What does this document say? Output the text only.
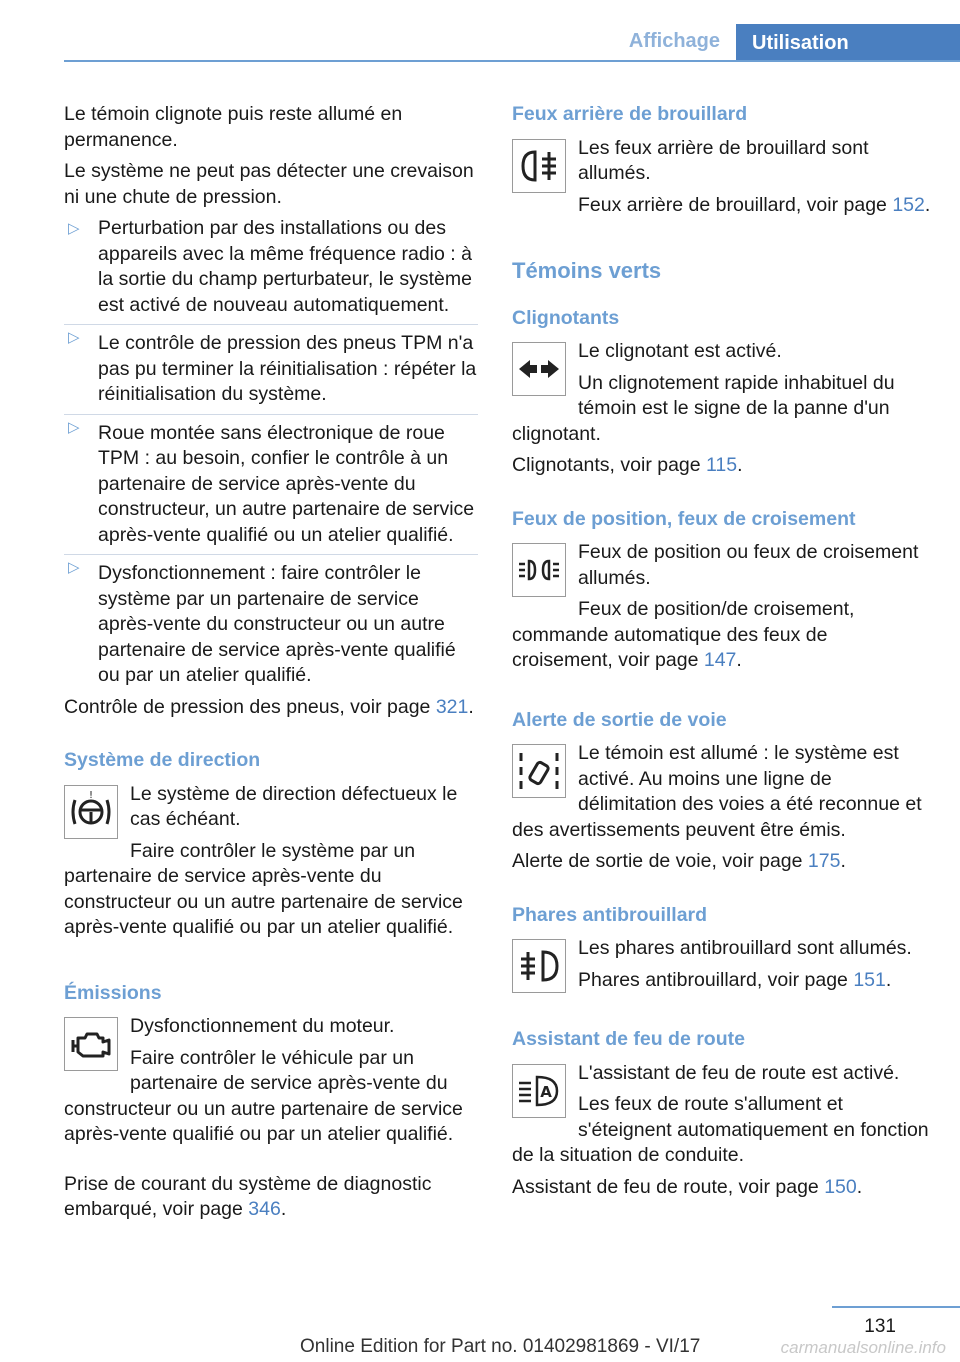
Affichage	Utilisation

Le témoin clignote puis reste allumé en permanence.

Le système ne peut pas détecter une crevaison ni une chute de pression.

▷ Perturbation par des installations ou des appareils avec la même fréquence radio : à la sortie du champ perturbateur, le système est activé de nouveau automatiquement.
▷ Le contrôle de pression des pneus TPM n'a pas pu terminer la réinitialisation : répéter la réinitialisation du système.
▷ Roue montée sans électronique de roue TPM : au besoin, confier le contrôle à un partenaire de service après-vente du constructeur, un autre partenaire de service après-vente qualifié ou un atelier qualifié.
▷ Dysfonctionnement : faire contrôler le système par un partenaire de service après-vente du constructeur ou un autre partenaire de service après-vente qualifié ou par un atelier qualifié.

Contrôle de pression des pneus, voir page 321.

Système de direction
!	Le système de direction défectueux le cas échéant.

Faire contrôler le système par un partenaire de service après-vente du constructeur ou un autre partenaire de service après-vente qualifié ou par un atelier qualifié.

Émissions

Dysfonctionnement du moteur.

Faire contrôler le véhicule par un partenaire de service après-vente du constructeur ou un autre partenaire de service après-vente qualifié ou par un atelier qualifié.

Prise de courant du système de diagnostic embarqué, voir page 346.

Feux arrière de brouillard

Les feux arrière de brouillard sont allumés.

Feux arrière de brouillard, voir page 152.

Témoins verts
Clignotants

Le clignotant est activé.

Un clignotement rapide inhabituel du témoin est le signe de la panne d'un clignotant.

Clignotants, voir page 115.

Feux de position, feux de croisement

Feux de position ou feux de croisement allumés.

Feux de position/de croisement, commande automatique des feux de croisement, voir page 147.

Alerte de sortie de voie

Le témoin est allumé : le système est activé. Au moins une ligne de délimitation des voies a été reconnue et des avertissements peuvent être émis.

Alerte de sortie de voie, voir page 175.

Phares antibrouillard

Les phares antibrouillard sont allumés.

Phares antibrouillard, voir page 151.

Assistant de feu de route
A

L'assistant de feu de route est activé.

Les feux de route s'allument et s'éteignent automatiquement en fonction de la situation de conduite.

Assistant de feu de route, voir page 150.

131
Online Edition for Part no. 01402981869 - VI/17	carmanualsonline.info
